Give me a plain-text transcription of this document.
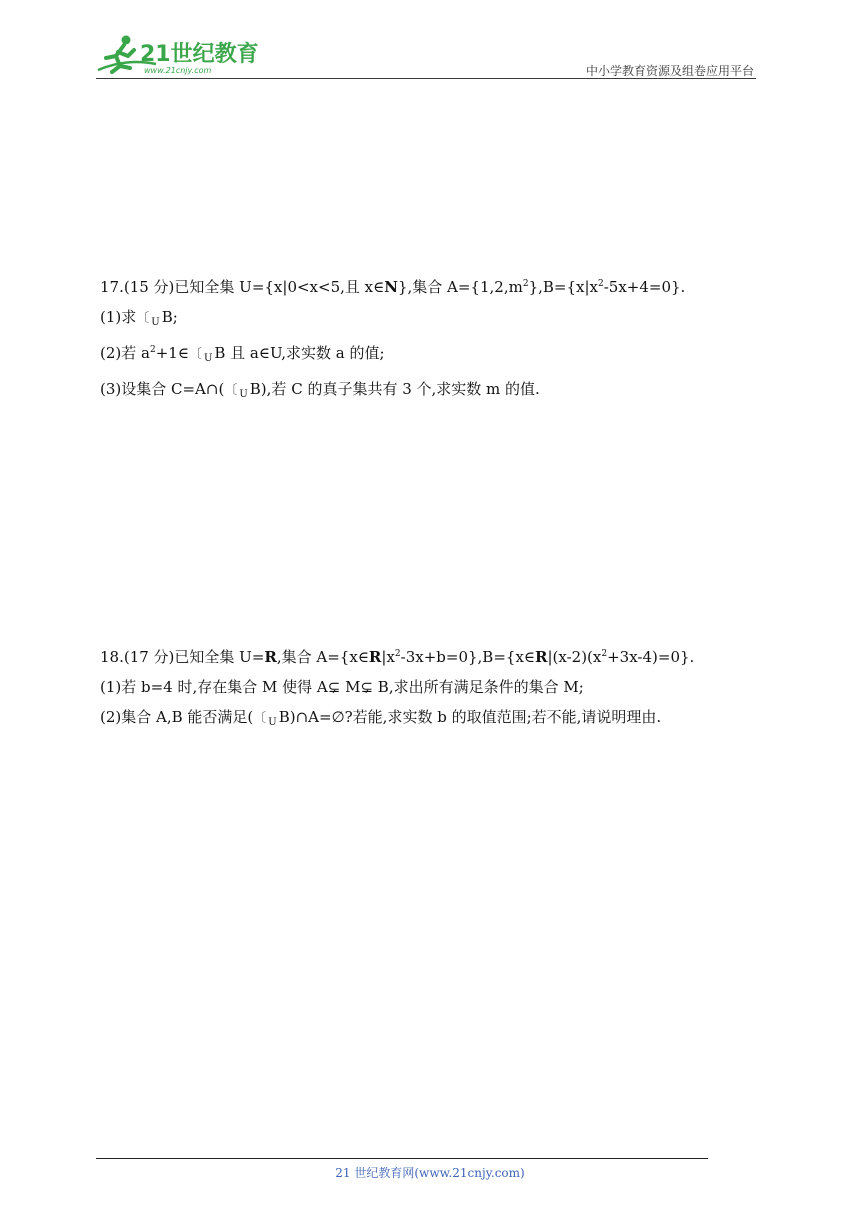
21世纪教育
www.21cnjy.com	中小学教育资源及组卷应用平台

17.(15 分)已知全集 U={x|0<x<5,且 x∈N},集合 $A=\{1,2,m^2\},B=\{x|x^2-5x+4=0\}$.

(1)求〔 $_U$ B;

(2)若 $a^2+1\in$〔 $_U$ B 且 a∈U,求实数 a 的值;

(3)设集合 C=A∩(〔 $_U$ B),若 C 的真子集共有 3 个,求实数 m 的值.

18.(17 分)已知全集 U=R,集合 $A=\{x\in R|x^2-3x+b=0\},B=\{x\in R|(x-2)(x^2+3x-4)=0\}$.

(1)若 b=4 时,存在集合 M 使得 A⊊ M⊊ B,求出所有满足条件的集合 M;

(2)集合 A,B 能否满足(〔 $_U$ B)∩A=∅?若能,求实数 b 的取值范围;若不能,请说明理由.

21 世纪教育网(www.21cnjy.com)
